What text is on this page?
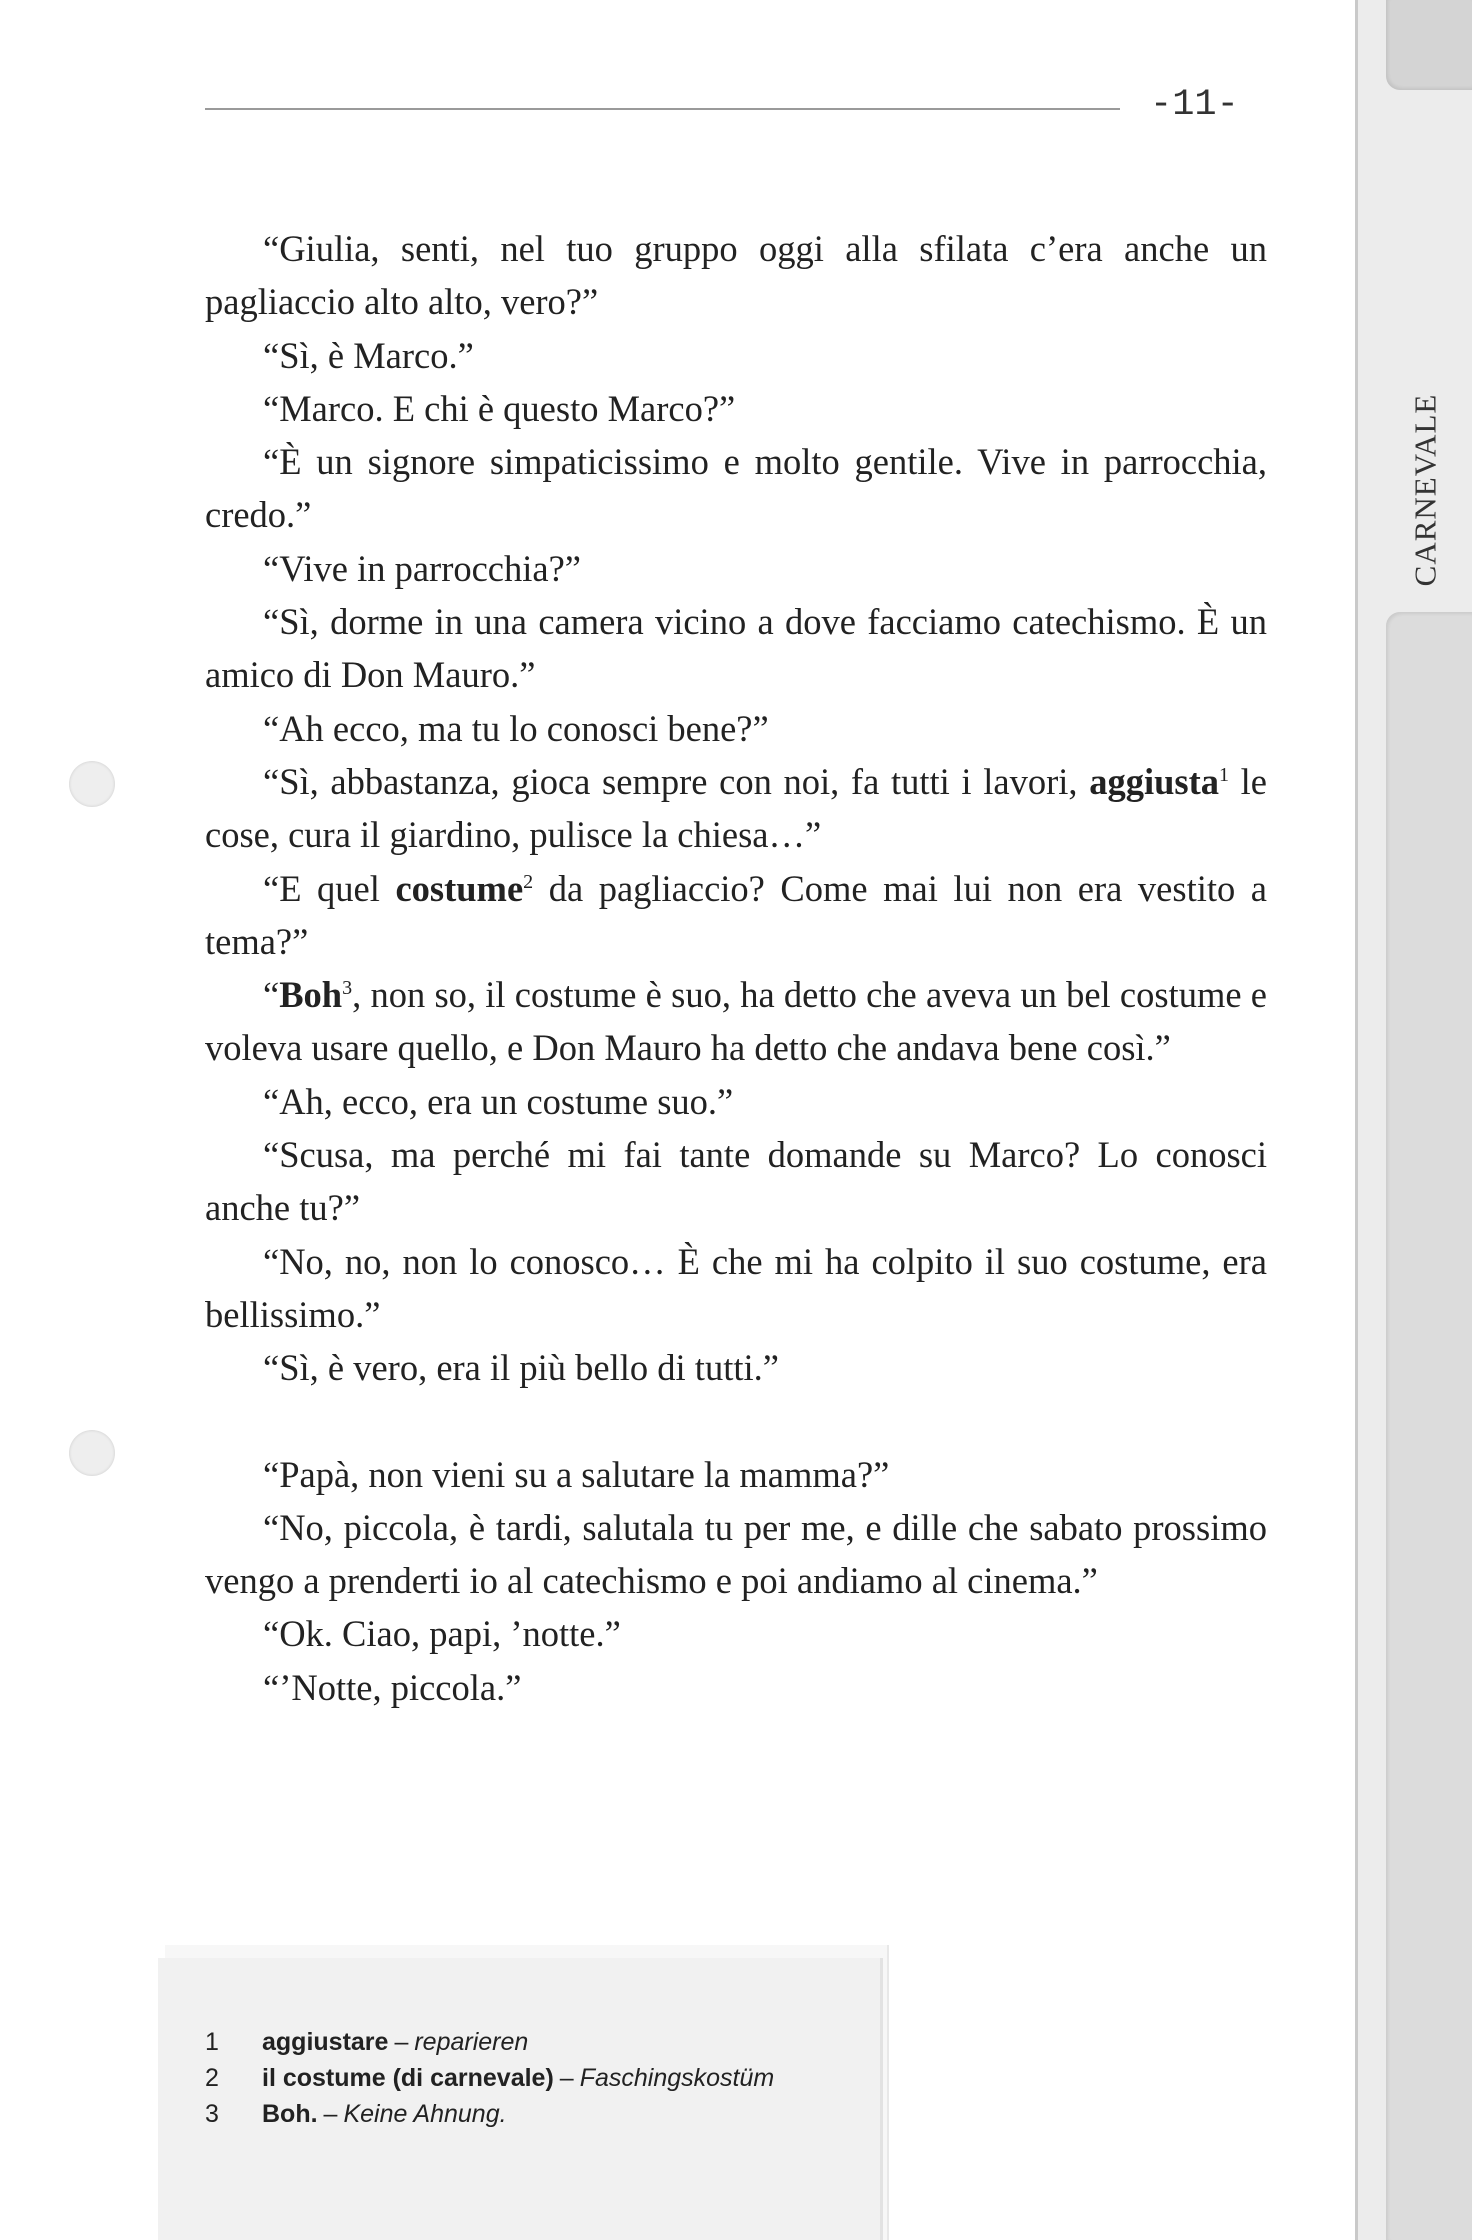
CARNEVALE
-11-

“Giulia, senti, nel tuo gruppo oggi alla sfilata c’era anche un pagliaccio alto alto, vero?”

“Sì, è Marco.”

“Marco. E chi è questo Marco?”

“È un signore simpaticissimo e molto gentile. Vive in parrocchia, credo.”

“Vive in parrocchia?”

“Sì, dorme in una camera vicino a dove facciamo catechismo. È un amico di Don Mauro.”

“Ah ecco, ma tu lo conosci bene?”

“Sì, abbastanza, gioca sempre con noi, fa tutti i lavori, aggiusta$^1$ le cose, cura il giardino, pulisce la chiesa…”

“E quel costume$^2$ da pagliaccio? Come mai lui non era vestito a tema?”

“Boh$^3$, non so, il costume è suo, ha detto che aveva un bel costume e voleva usare quello, e Don Mauro ha detto che andava bene così.”

“Ah, ecco, era un costume suo.”

“Scusa, ma perché mi fai tante domande su Marco? Lo conosci anche tu?”

“No, no, non lo conosco… È che mi ha colpito il suo costume, era bellissimo.”

“Sì, è vero, era il più bello di tutti.”

“Papà, non vieni su a salutare la mamma?”

“No, piccola, è tardi, salutala tu per me, e dille che sabato prossimo vengo a prenderti io al catechismo e poi andiamo al cinema.”

“Ok. Ciao, papi, ’notte.”

“’Notte, piccola.”

1	aggiustare – reparieren
2	il costume (di carnevale) – Faschingskostüm
3	Boh. – Keine Ahnung.
